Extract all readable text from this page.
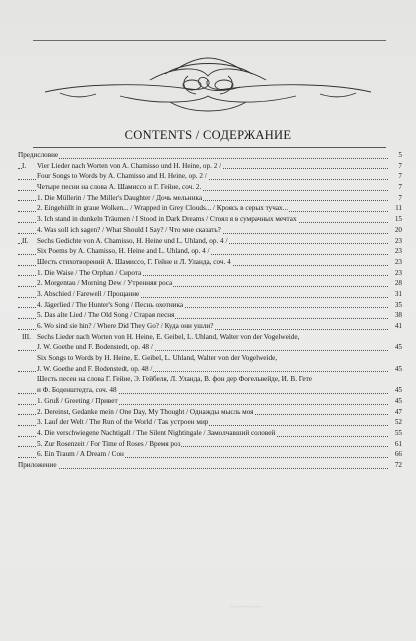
CONTENTS / СОДЕРЖАНИЕ
Предисловие	5
I. Vier Lieder nach Worten von A. Chamisso und H. Heine, op. 2 /	7
Four Songs to Words by A. Chamisso and H. Heine, op. 2 /	7
Четыре песни на слова А. Шамиссо и Г. Гейне, соч. 2.	7
1. Die Müllerin / The Miller's Daughter / Дочь мельника	7
2. Eingehüllt in graue Wolken... / Wrapped in Grey Clouds... / Кроясь в серых тучах...	11
3. Ich stand in dunkeln Träumen / I Stood in Dark Dreams / Стоял я в сумрачных мечтах	15
4. Was soll ich sagen? / What Should I Say? / Что мне сказать?	20
II. Sechs Gedichte von A. Chamisso, H. Heine und L. Uhland, op. 4 /	23
Six Poems by A. Chamisso, H. Heine and L. Uhland, op. 4 /	23
Шесть стихотворений А. Шамиссо, Г. Гейне и Л. Уланда, соч. 4	23
1. Die Waise / The Orphan / Сирота	23
2. Morgentau / Morning Dew / Утренняя роса	28
3. Abschied / Farewell / Прощание	31
4. Jägerlied / The Hunter's Song / Песнь охотника	35
5. Das alte Lied / The Old Song / Старая песня	38
6. Wo sind sie hin? / Where Did They Go? / Куда они ушли?	41
III. Sechs Lieder nach Worten von H. Heine, E. Geibel, L. Uhland, Walter von der Vogelweide,
J. W. Goethe und F. Bodenstedt, op. 48 /	45
Six Songs to Words by H. Heine, E. Geibel, L. Uhland, Walter von der Vogelweide,
J. W. Goethe and F. Bodenstedt, op. 48 /	45
Шесть песен на слова Г. Гейне, Э. Гейбеля, Л. Уланда, В. фон дер Фогельвейде, И. В. Гете
и Ф. Боденштедта, соч. 48	45
1. Gruß / Greeting / Привет	45
2. Dereinst, Gedanke mein / One Day, My Thought / Однажды мысль моя	47
3. Lauf der Welt / The Run of the World / Так устроен мир	52
4. Die verschwiegene Nachtigall / The Silent Nightingale / Замолчавший соловей	55
5. Zur Rosenzeit / For Time of Roses / Время роз	61
6. Ein Traum / A Dream / Сон	66
Приложение	72
~~~~~~~~~~
